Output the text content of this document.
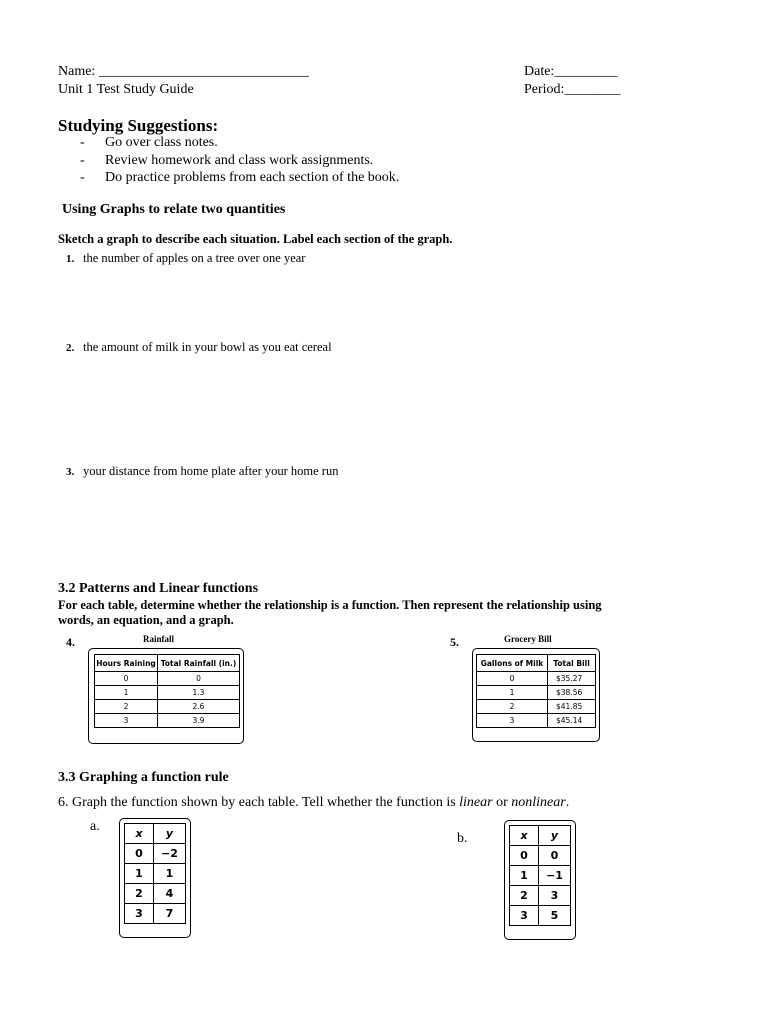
Name: ______________________________
Unit 1 Test Study Guide
Date:_________
Period:________
Studying Suggestions:
- Go over class notes.
- Review homework and class work assignments.
- Do practice problems from each section of the book.
Using Graphs to relate two quantities
Sketch a graph to describe each situation. Label each section of the graph.
1. the number of apples on a tree over one year
2. the amount of milk in your bowl as you eat cereal
3. your distance from home plate after your home run
3.2 Patterns and Linear functions
For each table, determine whether the relationship is a function. Then represent the relationship using
words, an equation, and a graph.
4.	Rainfall
Hours Raining	Total Rainfall (in.)
0	0
1	1.3
2	2.6
3	3.9
5.	Grocery Bill
Gallons of Milk	Total Bill
0	$35.27
1	$38.56
2	$41.85
3	$45.14
3.3 Graphing a function rule
6. Graph the function shown by each table. Tell whether the function is linear or nonlinear.
a.	x	y
0	−2
1	1
2	4
3	7
b.	x	y
0	0
1	−1
2	3
3	5
